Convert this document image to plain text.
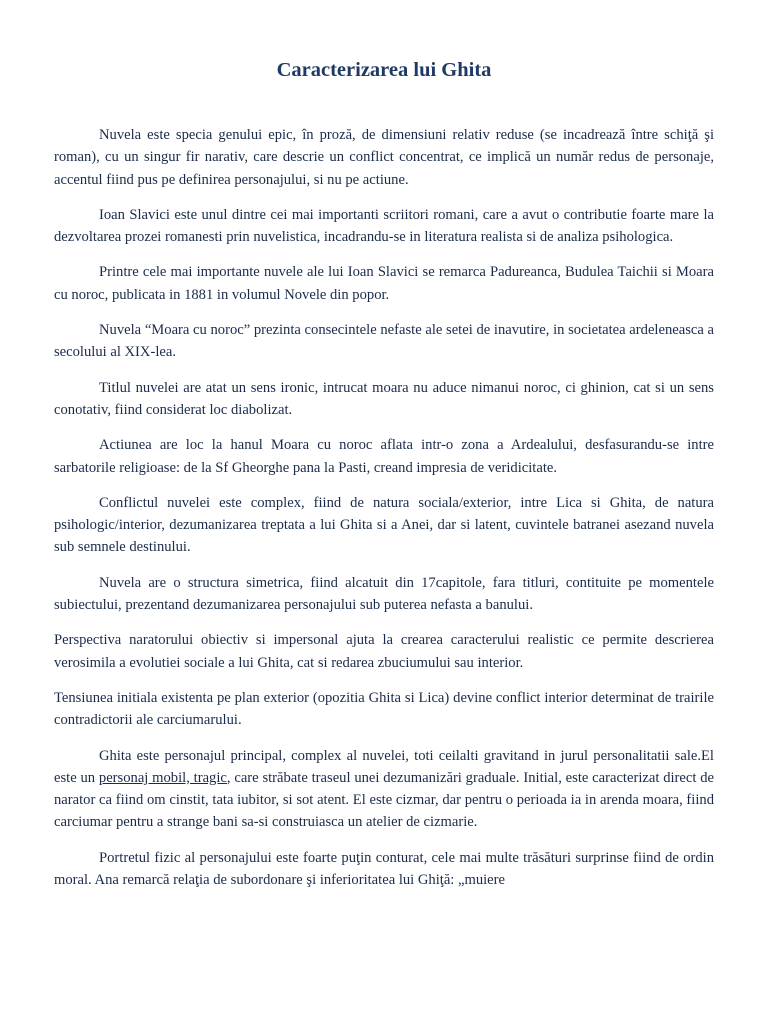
Caracterizarea lui Ghita

Nuvela este specia genului epic, în proză, de dimensiuni relativ reduse (se incadrează între schiţă şi roman), cu un singur fir narativ, care descrie un conflict concentrat, ce implică un număr redus de personaje, accentul fiind pus pe definirea personajului, si nu pe actiune.

Ioan Slavici este unul dintre cei mai importanti scriitori romani, care a avut o contributie foarte mare la dezvoltarea prozei romanesti prin nuvelistica, incadrandu-se in literatura realista si de analiza psihologica.

Printre cele mai importante nuvele ale lui Ioan Slavici se remarca Padureanca, Budulea Taichii si Moara cu noroc, publicata in 1881 in volumul Novele din popor.

Nuvela “Moara cu noroc” prezinta consecintele nefaste ale setei de inavutire, in societatea ardeleneasca a secolului al XIX-lea.

Titlul nuvelei are atat un sens ironic, intrucat moara nu aduce nimanui noroc, ci ghinion, cat si un sens conotativ, fiind considerat loc diabolizat.

Actiunea are loc la hanul Moara cu noroc aflata intr-o zona a Ardealului, desfasurandu-se intre sarbatorile religioase: de la Sf Gheorghe pana la Pasti, creand impresia de veridicitate.

Conflictul nuvelei este complex, fiind de natura sociala/exterior, intre Lica si Ghita, de natura psihologic/interior, dezumanizarea treptata a lui Ghita si a Anei, dar si latent, cuvintele batranei asezand nuvela sub semnele destinului.

Nuvela are o structura simetrica, fiind alcatuit din 17capitole, fara titluri, contituite pe momentele subiectului, prezentand dezumanizarea personajului sub puterea nefasta a banului.

Perspectiva naratorului obiectiv si impersonal ajuta la crearea caracterului realistic ce permite descrierea verosimila a evolutiei sociale a lui Ghita, cat si redarea zbuciumului sau interior.

Tensiunea initiala existenta pe plan exterior (opozitia Ghita si Lica) devine conflict interior determinat de trairile contradictorii ale carciumarului.

Ghita este personajul principal, complex al nuvelei, toti ceilalti gravitand in jurul personalitatii sale.El este un personaj mobil, tragic, care străbate traseul unei dezumanizări graduale. Initial, este caracterizat direct de narator ca fiind om cinstit, tata iubitor, si sot atent. El este cizmar, dar pentru o perioada ia in arenda moara, fiind carciumar pentru a strange bani sa-si construiasca un atelier de cizmarie.

Portretul fizic al personajului este foarte puţin conturat, cele mai multe trăsături surprinse fiind de ordin moral. Ana remarcă relaţia de subordonare şi inferioritatea lui Ghiţă: „muiere
